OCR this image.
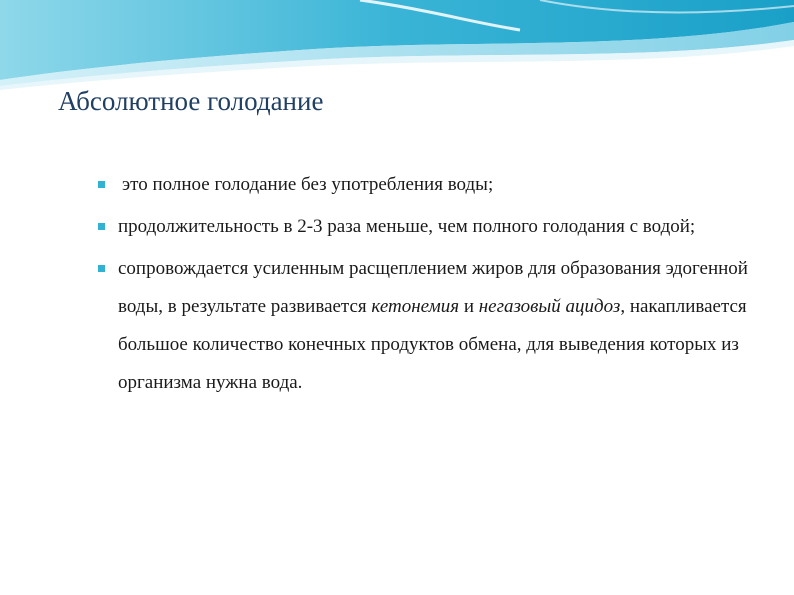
Абсолютное голодание
это полное голодание без употребления воды;
продолжительность в 2-3 раза меньше, чем полного голодания с водой;
сопровождается усиленным расщеплением жиров для образования эдогенной воды, в результате развивается кетонемия и негазовый ацидоз, накапливается большое количество конечных продуктов обмена, для выведения которых из организма нужна вода.
